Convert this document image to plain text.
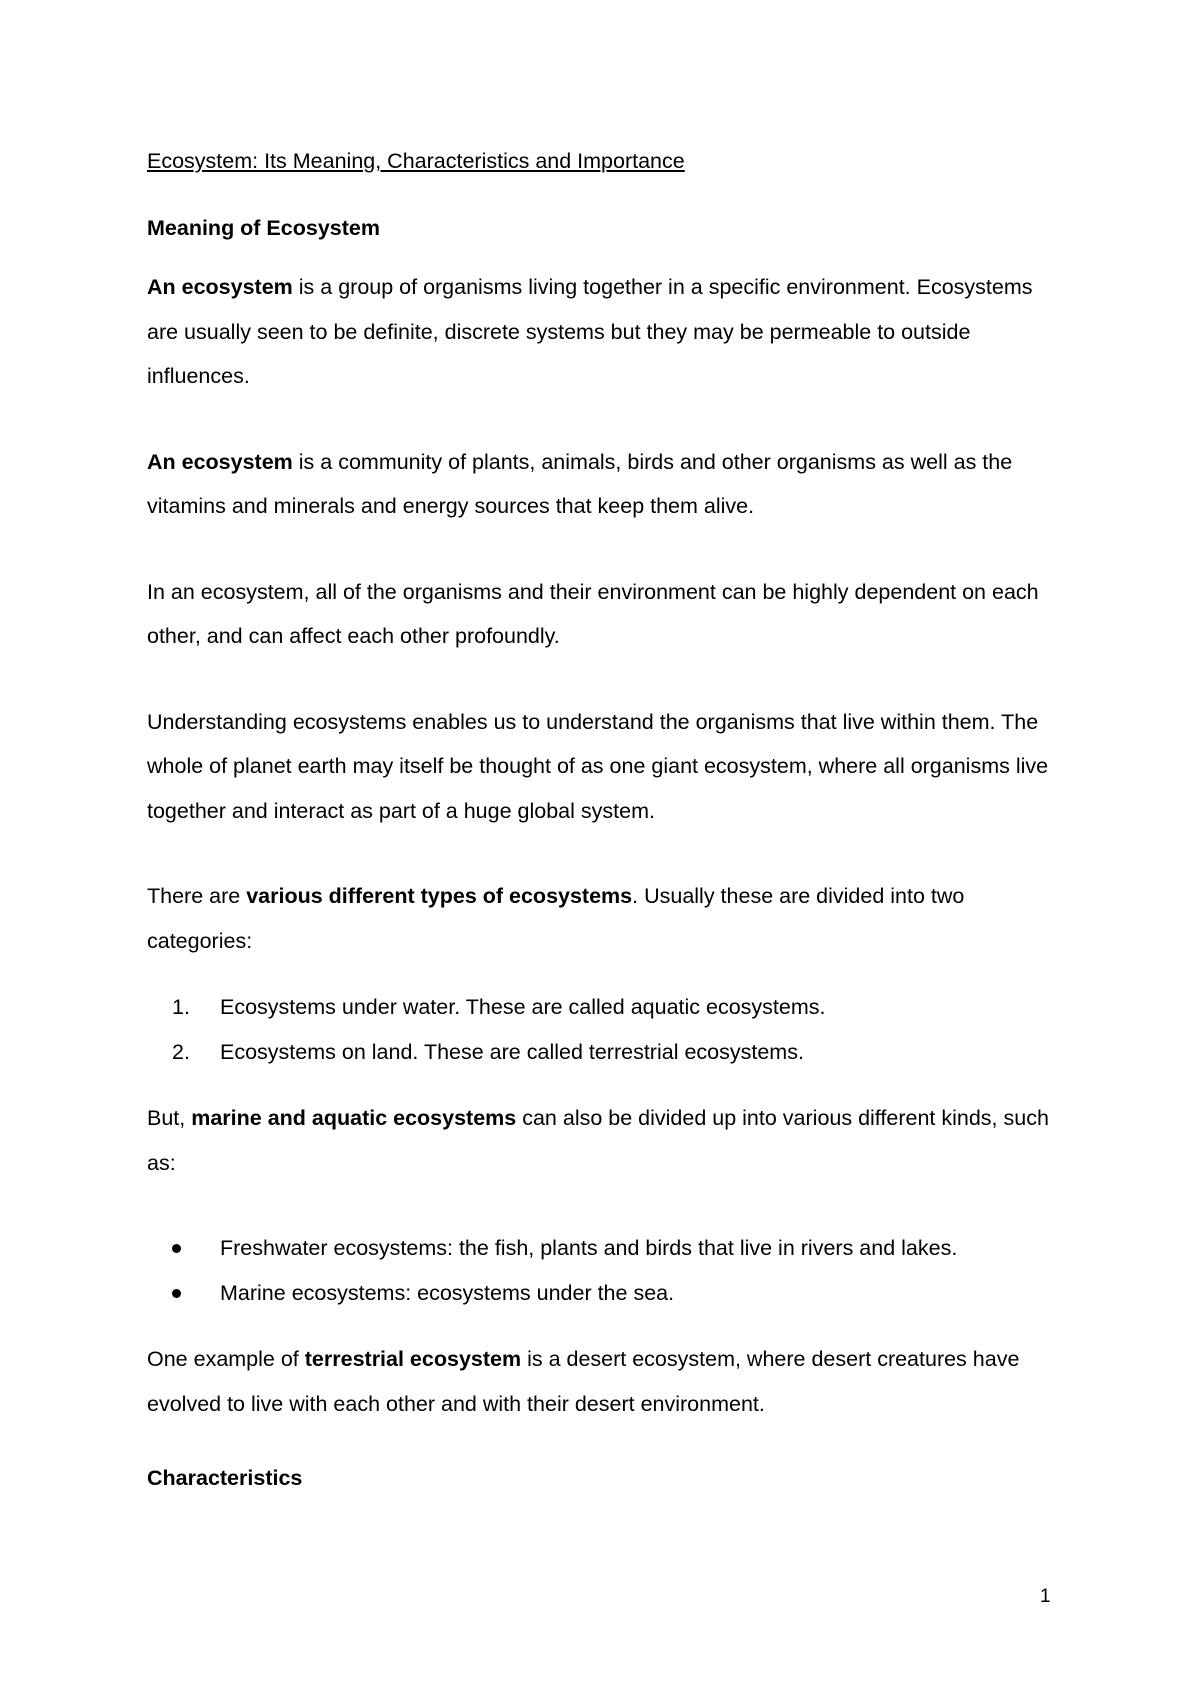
Ecosystem: Its Meaning, Characteristics and Importance
Meaning of Ecosystem

An ecosystem is a group of organisms living together in a specific environment. Ecosystems are usually seen to be definite, discrete systems but they may be permeable to outside influences.

An ecosystem is a community of plants, animals, birds and other organisms as well as the vitamins and minerals and energy sources that keep them alive.

In an ecosystem, all of the organisms and their environment can be highly dependent on each other, and can affect each other profoundly.

Understanding ecosystems enables us to understand the organisms that live within them. The whole of planet earth may itself be thought of as one giant ecosystem, where all organisms live together and interact as part of a huge global system.

There are various different types of ecosystems. Usually these are divided into two categories:

1. Ecosystems under water. These are called aquatic ecosystems.
2. Ecosystems on land. These are called terrestrial ecosystems.

But, marine and aquatic ecosystems can also be divided up into various different kinds, such as:

Freshwater ecosystems: the fish, plants and birds that live in rivers and lakes.
Marine ecosystems: ecosystems under the sea.

One example of terrestrial ecosystem is a desert ecosystem, where desert creatures have evolved to live with each other and with their desert environment.

Characteristics
1
